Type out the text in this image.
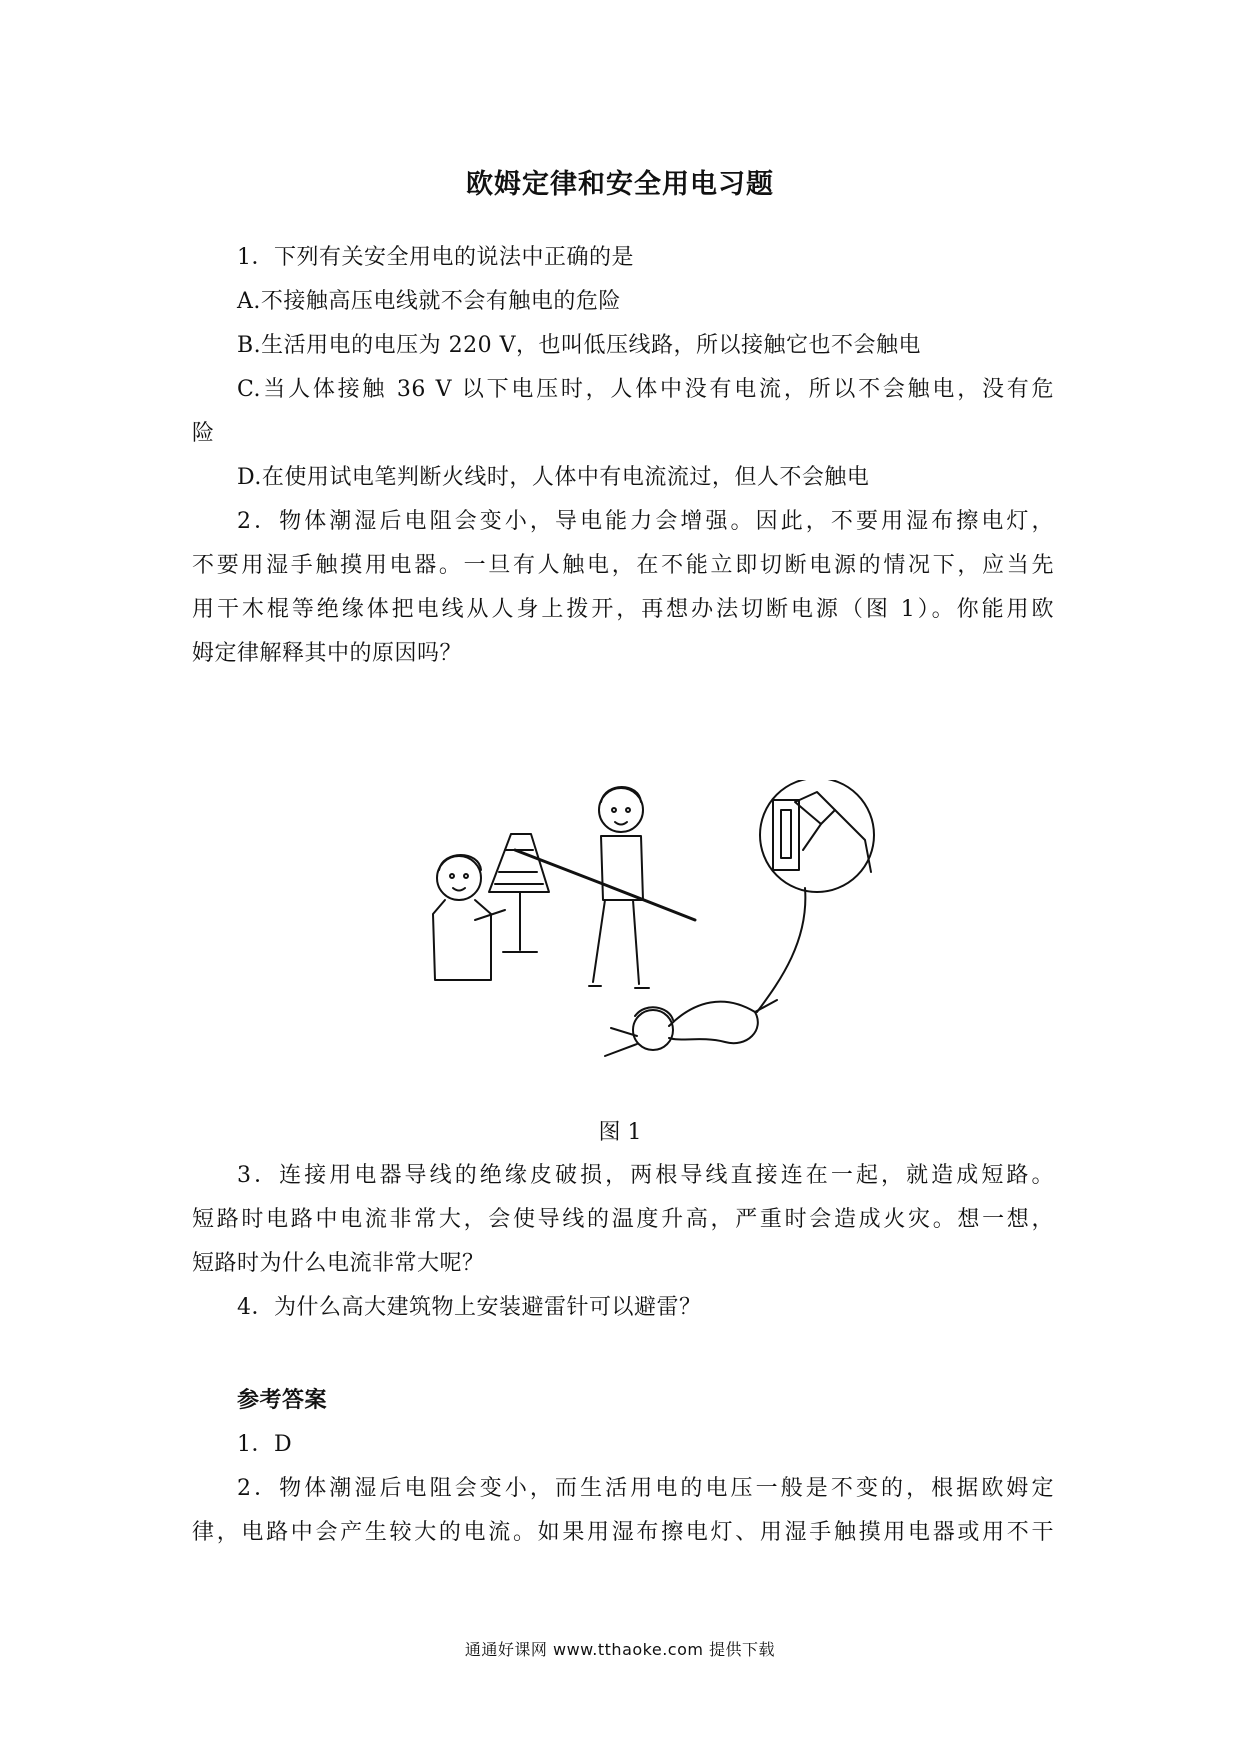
欧姆定律和安全用电习题
1．下列有关安全用电的说法中正确的是
A.不接触高压电线就不会有触电的危险
B.生活用电的电压为 220 V，也叫低压线路，所以接触它也不会触电
C.当人体接触 36 V 以下电压时，人体中没有电流，所以不会触电，没有危
险
D.在使用试电笔判断火线时，人体中有电流流过，但人不会触电
2．物体潮湿后电阻会变小，导电能力会增强。因此，不要用湿布擦电灯，
不要用湿手触摸用电器。一旦有人触电，在不能立即切断电源的情况下，应当先
用干木棍等绝缘体把电线从人身上拨开，再想办法切断电源（图 1）。你能用欧
姆定律解释其中的原因吗？
图 1
3．连接用电器导线的绝缘皮破损，两根导线直接连在一起，就造成短路。
短路时电路中电流非常大，会使导线的温度升高，严重时会造成火灾。想一想，
短路时为什么电流非常大呢？
4．为什么高大建筑物上安装避雷针可以避雷？
参考答案
1．D
2．物体潮湿后电阻会变小，而生活用电的电压一般是不变的，根据欧姆定
律，电路中会产生较大的电流。如果用湿布擦电灯、用湿手触摸用电器或用不干
通通好课网 www.tthaoke.com 提供下载
